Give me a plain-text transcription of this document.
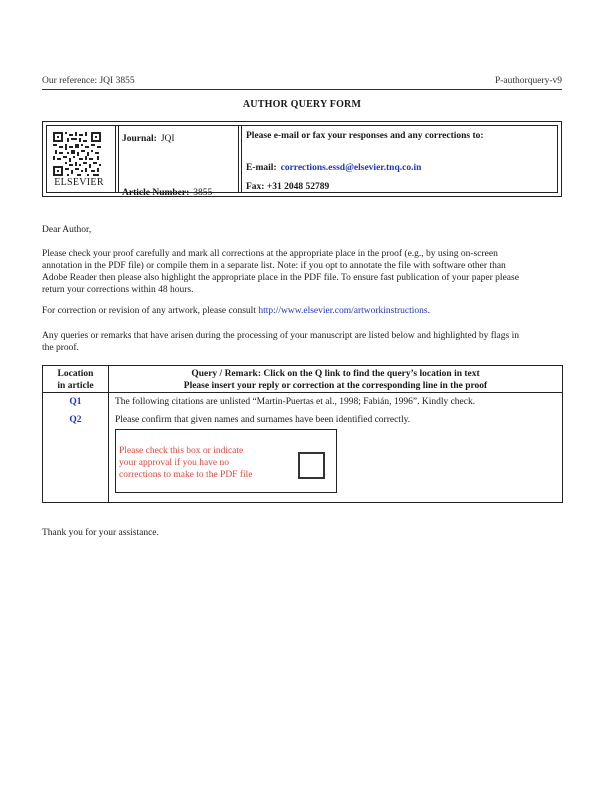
Our reference: JQI 3855	P-authorquery-v9
AUTHOR QUERY FORM
ELSEVIER
Journal: JQI
Article Number: 3855
Please e-mail or fax your responses and any corrections to:
E-mail: corrections.essd@elsevier.tnq.co.in
Fax: +31 2048 52789
Dear Author,
Please check your proof carefully and mark all corrections at the appropriate place in the proof (e.g., by using on-screen
annotation in the PDF file) or compile them in a separate list. Note: if you opt to annotate the file with software other than
Adobe Reader then please also highlight the appropriate place in the PDF file. To ensure fast publication of your paper please
return your corrections within 48 hours.
For correction or revision of any artwork, please consult http://www.elsevier.com/artworkinstructions.
Any queries or remarks that have arisen during the processing of your manuscript are listed below and highlighted by flags in
the proof.
Location
in article
Query / Remark: Click on the Q link to find the query’s location in text
Please insert your reply or correction at the corresponding line in the proof
Q1	The following citations are unlisted “Martin-Puertas et al., 1998; Fabián, 1996”. Kindly check.
Q2	Please confirm that given names and surnames have been identified correctly.
Please check this box or indicate
your approval if you have no
corrections to make to the PDF file
Thank you for your assistance.
